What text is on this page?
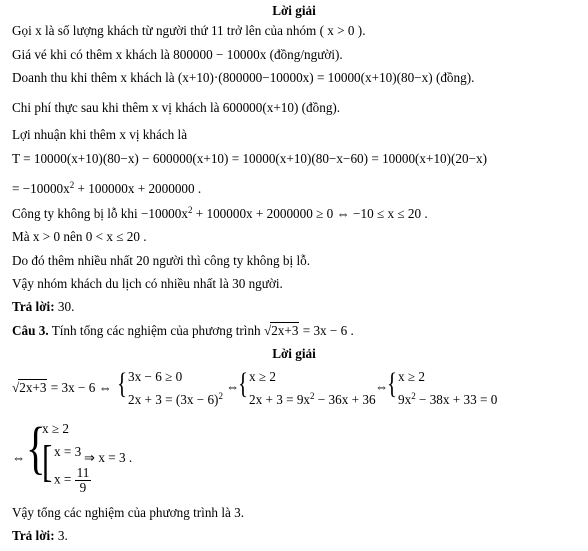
Lời giải
Gọi x là số lượng khách từ người thứ 11 trở lên của nhóm ( x > 0 ).
Giá vé khi có thêm x khách là 800000 − 10000x (đồng/người).
Doanh thu khi thêm x khách là (x+10)·(800000−10000x) = 10000(x+10)(80−x) (đồng).
Chi phí thực sau khi thêm x vị khách là 600000(x+10) (đồng).
Lợi nhuận khi thêm x vị khách là
T = 10000(x+10)(80−x) − 600000(x+10) = 10000(x+10)(80−x−60) = 10000(x+10)(20−x)
= $-10000x^2 + 100000x + 2000000$ .
Công ty không bị lỗ khi $-10000x^2 + 100000x + 2000000 \ge 0$ ⇔ −10 ≤ x ≤ 20 .
Mà x > 0 nên 0 < x ≤ 20 .
Do đó thêm nhiều nhất 20 người thì công ty không bị lỗ.
Vậy nhóm khách du lịch có nhiều nhất là 30 người.
Trả lời: 30.
Câu 3. Tính tổng các nghiệm của phương trình √2x+3 = 3x − 6 .
Lời giải
√2x+3 = 3x − 6 ⇔ { 3x − 6 ≥ 0
$2x + 3 = (3x - 6)^2$
⇔
{ x ≥ 2
$2x + 3 = 9x^2 - 36x + 36$
⇔
{ x ≥ 2
$9x^2 - 38x + 33 = 0$
⇔ {
x ≥ 2
[ x = 3
$x = \frac{11}{9}$
⇒ x = 3 .
Vậy tổng các nghiệm của phương trình là 3.
Trả lời: 3.
